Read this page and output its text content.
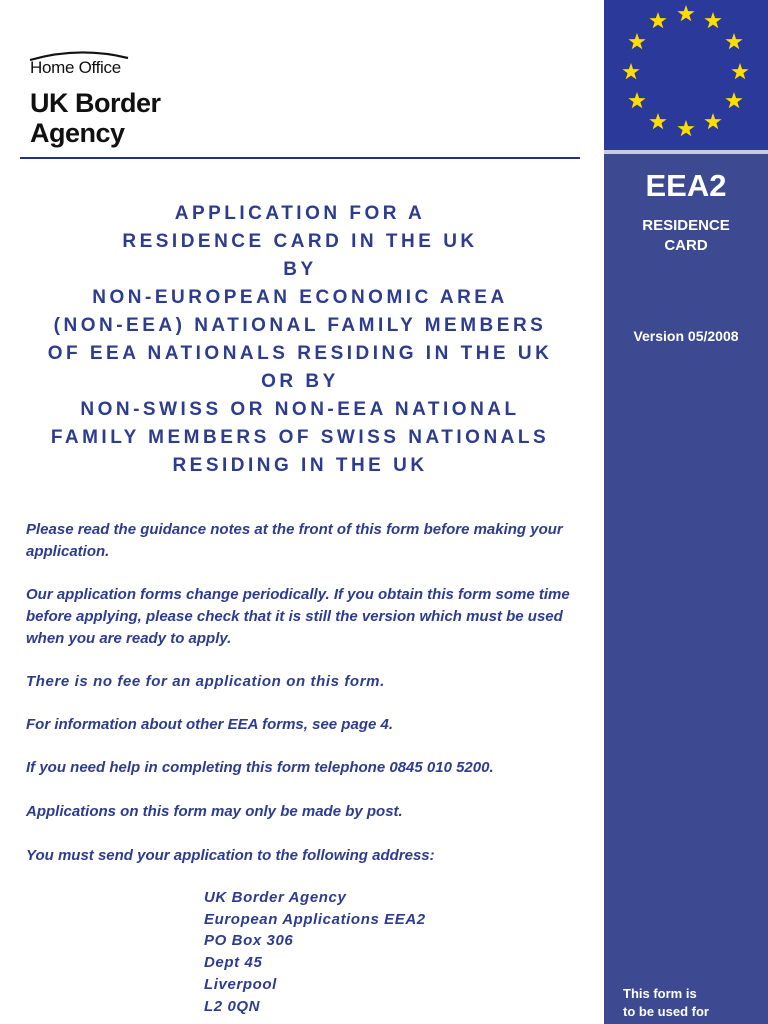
Home Office
UK Border
Agency
APPLICATION FOR A
RESIDENCE CARD IN THE UK
BY
NON-EUROPEAN ECONOMIC AREA
(NON-EEA) NATIONAL FAMILY MEMBERS
OF EEA NATIONALS RESIDING IN THE UK
OR BY
NON-SWISS OR NON-EEA NATIONAL
FAMILY MEMBERS OF SWISS NATIONALS
RESIDING IN THE UK

Please read the guidance notes at the front of this form before making your application.

Our application forms change periodically. If you obtain this form some time before applying, please check that it is still the version which must be used when you are ready to apply.

There is no fee for an application on this form.

For information about other EEA forms, see page 4.

If you need help in completing this form telephone 0845 010 5200.

Applications on this form may only be made by post.

You must send your application to the following address:

UK Border Agency
European Applications EEA2
PO Box 306
Dept 45
Liverpool
L2 0QN
EEA2
RESIDENCE
CARD
Version 05/2008
This form is
to be used for
